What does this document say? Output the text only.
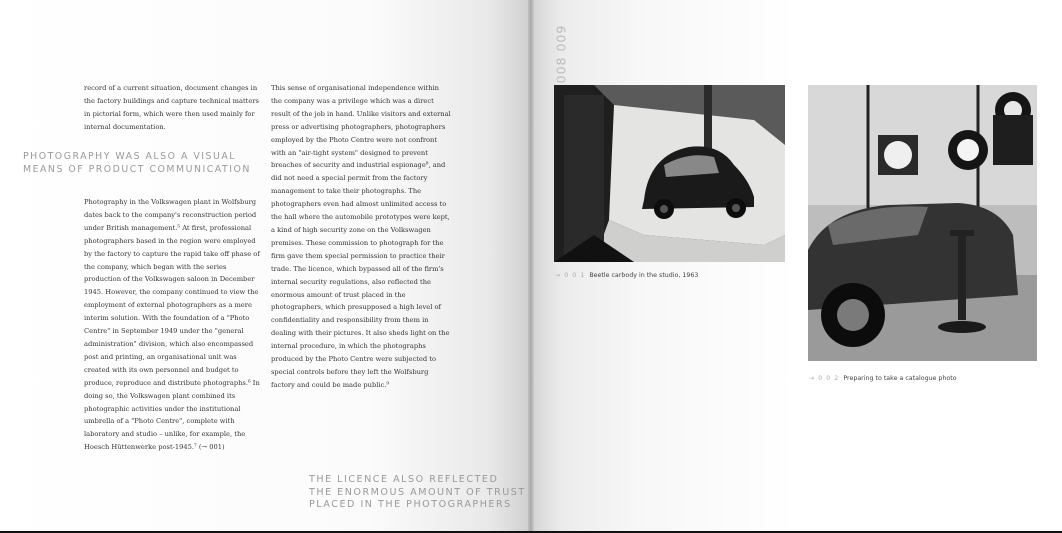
record of a current situation, document changes in the factory buildings and capture technical matters in pictorial form, which were then used mainly for internal documentation.

PHOTOGRAPHY WAS ALSO A VISUAL
MEANS OF PRODUCT COMMUNICATION

Photography in the Volkswagen plant in Wolfsburg dates back to the company's reconstruction period under British management.⁵ At first, professional photographers based in the region were employed by the factory to capture the rapid take off phase of the company, which began with the series production of the Volkswagen saloon in December 1945. However, the company continued to view the employment of external photographers as a mere interim solution. With the foundation of a "Photo Centre" in September 1949 under the "general administration" division, which also encompassed post and printing, an organisational unit was created with its own personnel and budget to produce, reproduce and distribute photographs.⁶ In doing so, the Volkswagen plant combined its photographic activities under the institutional umbrella of a "Photo Centre", complete with laboratory and studio – unlike, for example, the Hoesch Hüttenwerke post-1945.⁷ (→ 001)

This sense of organisational independence within the company was a privilege which was a direct result of the job in hand. Unlike visitors and external press or advertising photographers, photographers employed by the Photo Centre were not confront with an "air-tight system" designed to prevent breaches of security and industrial espionage⁸, and did not need a special permit from the factory management to take their photographs. The photographers even had almost unlimited access to the hall where the automobile prototypes were kept, a kind of high security zone on the Volkswagen premises. These commission to photograph for the firm gave them special permission to practice their trade. The licence, which bypassed all of the firm's internal security regulations, also reflected the enormous amount of trust placed in the photographers, which presupposed a high level of confidentiality and responsibility from them in dealing with their pictures. It also sheds light on the internal procedure, in which the photographs produced by the Photo Centre were subjected to special controls before they left the Wolfsburg factory and could be made public.⁹

THE LICENCE ALSO REFLECTED
THE ENORMOUS AMOUNT OF TRUST
PLACED IN THE PHOTOGRAPHERS
008 009
→ 0 0 1 Beetle carbody in the studio, 1963
→ 0 0 2 Preparing to take a catalogue photo
